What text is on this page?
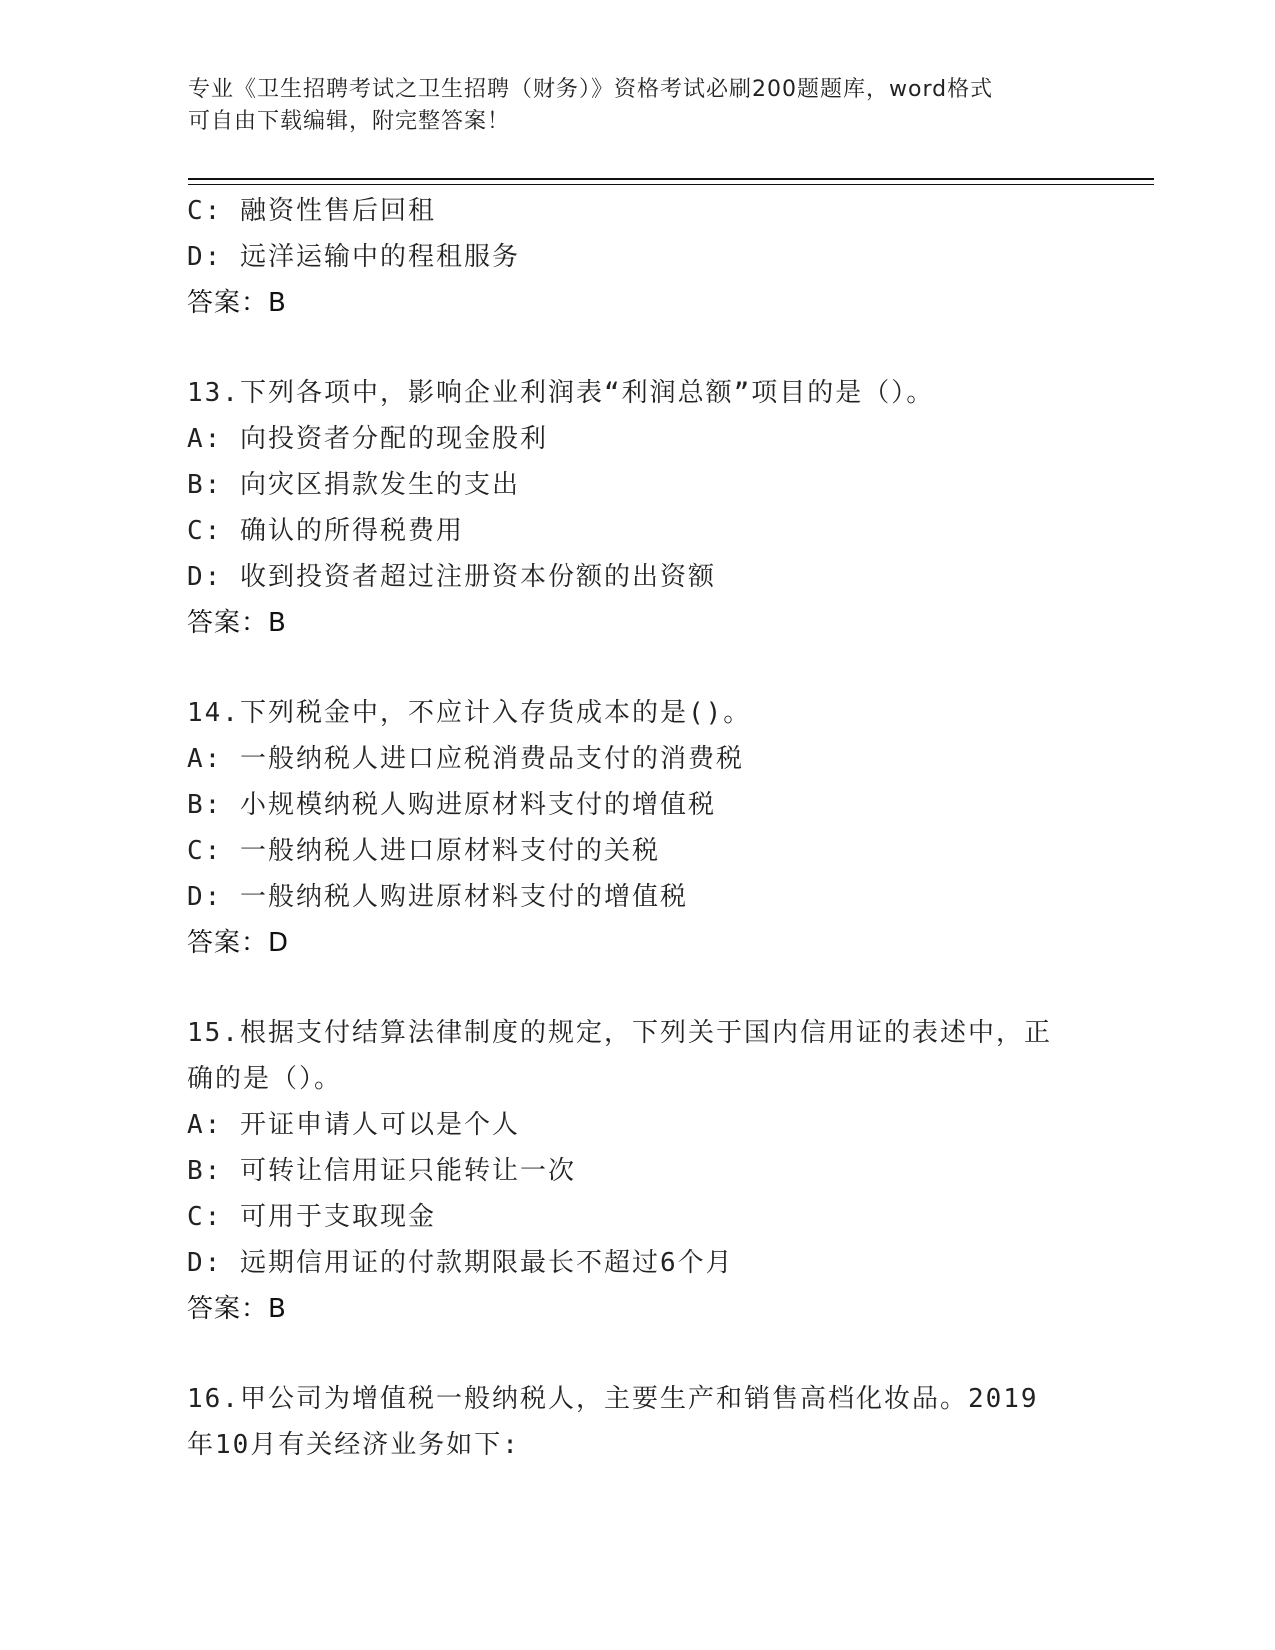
专业《卫生招聘考试之卫生招聘（财务）》资格考试必刷200题题库，word格式
可自由下载编辑，附完整答案！
C: 融资性售后回租
D: 远洋运输中的程租服务
答案：B
13.下列各项中，影响企业利润表“利润总额”项目的是（）。
A: 向投资者分配的现金股利
B: 向灾区捐款发生的支出
C: 确认的所得税费用
D: 收到投资者超过注册资本份额的出资额
答案：B
14.下列税金中，不应计入存货成本的是()。
A: 一般纳税人进口应税消费品支付的消费税
B: 小规模纳税人购进原材料支付的增值税
C: 一般纳税人进口原材料支付的关税
D: 一般纳税人购进原材料支付的增值税
答案：D
15.根据支付结算法律制度的规定，下列关于国内信用证的表述中，正
确的是（）。
A: 开证申请人可以是个人
B: 可转让信用证只能转让一次
C: 可用于支取现金
D: 远期信用证的付款期限最长不超过6个月
答案：B
16.甲公司为增值税一般纳税人，主要生产和销售高档化妆品。2019
年10月有关经济业务如下:
